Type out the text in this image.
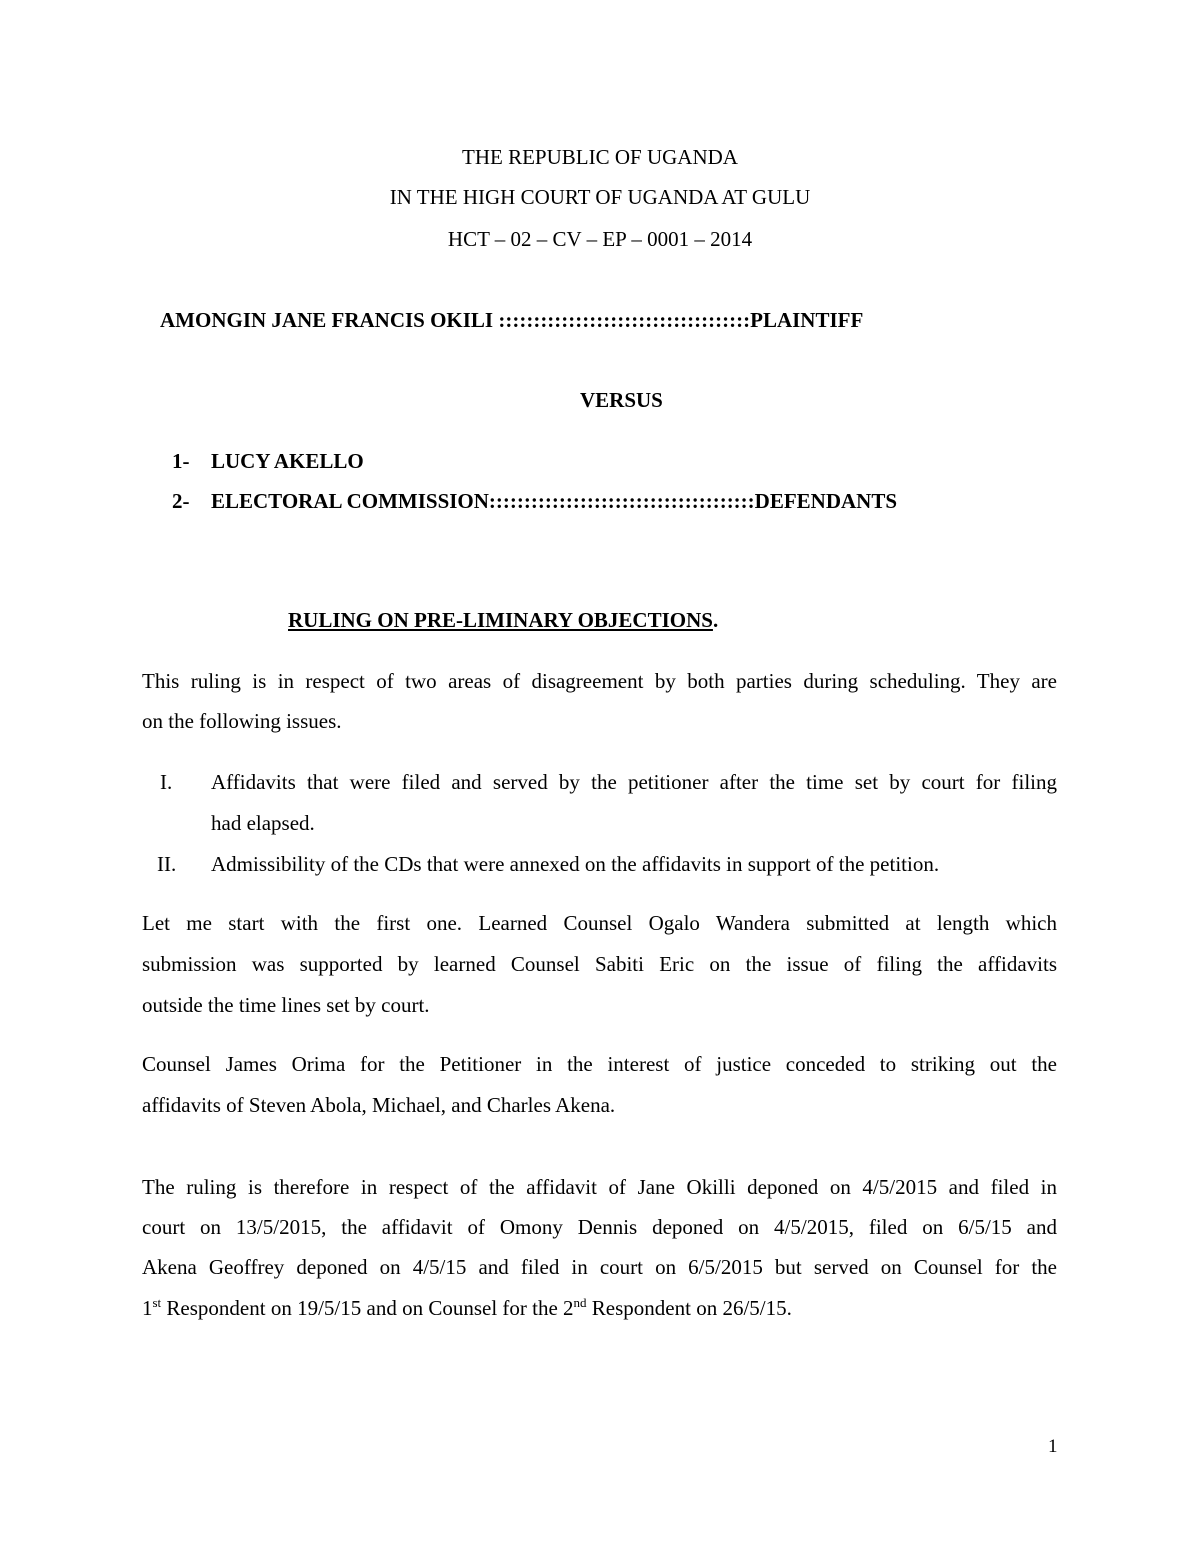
THE REPUBLIC OF UGANDA
IN THE HIGH COURT OF UGANDA AT GULU
HCT – 02 – CV – EP – 0001 – 2014
AMONGIN JANE FRANCIS OKILI ::::::::::::::::::::::::::::::::::::PLAINTIFF
VERSUS
1- LUCY AKELLO
2- ELECTORAL COMMISSION::::::::::::::::::::::::::::::::::::::DEFENDANTS
RULING ON PRE-LIMINARY OBJECTIONS.
This ruling is in respect of two areas of disagreement by both parties during scheduling. They are
on the following issues.
I. Affidavits that were filed and served by the petitioner after the time set by court for filing
had elapsed.
II. Admissibility of the CDs that were annexed on the affidavits in support of the petition.
Let me start with the first one. Learned Counsel Ogalo Wandera submitted at length which
submission was supported by learned Counsel Sabiti Eric on the issue of filing the affidavits
outside the time lines set by court.
Counsel James Orima for the Petitioner in the interest of justice conceded to striking out the
affidavits of Steven Abola, Michael, and Charles Akena.
The ruling is therefore in respect of the affidavit of Jane Okilli deponed on 4/5/2015 and filed in
court on 13/5/2015, the affidavit of Omony Dennis deponed on 4/5/2015, filed on 6/5/15 and
Akena Geoffrey deponed on 4/5/15 and filed in court on 6/5/2015 but served on Counsel for the
1st Respondent on 19/5/15 and on Counsel for the 2nd Respondent on 26/5/15.
1
